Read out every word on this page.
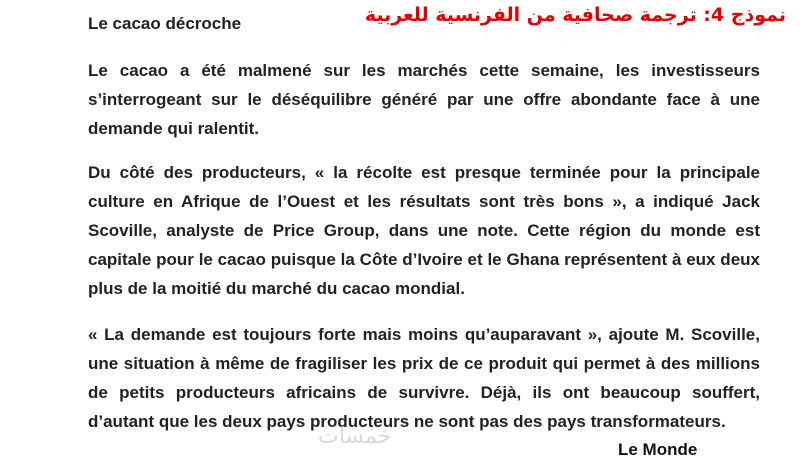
Le cacao décroche	نموذج 4: ترجمة صحافية من الفرنسية للعربية

Le cacao a été malmené sur les marchés cette semaine, les investisseurs s’interrogeant sur le déséquilibre généré par une offre abondante face à une demande qui ralentit.

Du côté des producteurs, « la récolte est presque terminée pour la principale culture en Afrique de l’Ouest et les résultats sont très bons », a indiqué Jack Scoville, analyste de Price Group, dans une note. Cette région du monde est capitale pour le cacao puisque la Côte d’Ivoire et le Ghana représentent à eux deux plus de la moitié du marché du cacao mondial.

« La demande est toujours forte mais moins qu’auparavant », ajoute M. Scoville, une situation à même de fragiliser les prix de ce produit qui permet à des millions de petits producteurs africains de survivre. Déjà, ils ont beaucoup souffert, d’autant que les deux pays producteurs ne sont pas des pays transformateurs.

خمسات
Le Monde
